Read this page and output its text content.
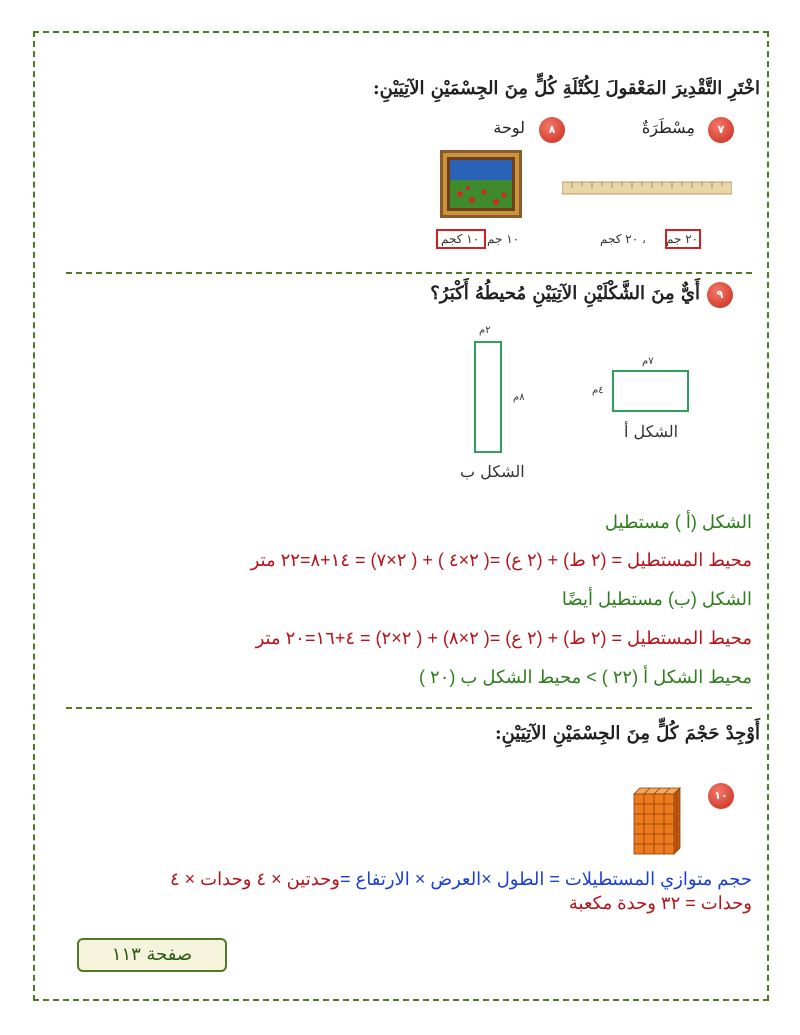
اخْتَرِ التَّقْدِيرَ المَعْقولَ لِكُتْلَةِ كُلٍّ مِنَ الجِسْمَيْنِ الآتِيَيْنِ:
٧
مِسْطَرَةٌ
٨
لوحة
٢٠ جم
، ٢٠ كجم
١٠ جم
١٠ كجم
٩
أَيٌّ مِنَ الشَّكْلَيْنِ الآتِيَيْنِ مُحيطُهُ أَكْبَرُ؟
٧م
٤م
الشكل أ
٢م
٨م
الشكل ب
الشكل (أ ) مستطيل
محيط المستطيل = (٢ ط) + (٢ ع) =( ٢×٤ ) + ( ٢×٧) = ١٤+٨=٢٢ متر
الشكل (ب) مستطيل أيضًا
محيط المستطيل = (٢ ط) + (٢ ع) =( ٢×٨) + ( ٢×٢) = ٤+١٦=٢٠ متر
محيط الشكل أ (٢٢ ) > محيط الشكل ب (٢٠ )
أَوْجِدْ حَجْمَ كُلٍّ مِنَ الجِسْمَيْنِ الآتِيَيْنِ:
١٠
حجم متوازي المستطيلات = الطول ×العرض × الارتفاع =وحدتين × ٤ وحدات × ٤
وحدات = ٣٢ وحدة مكعبة
صفحة ١١٣
